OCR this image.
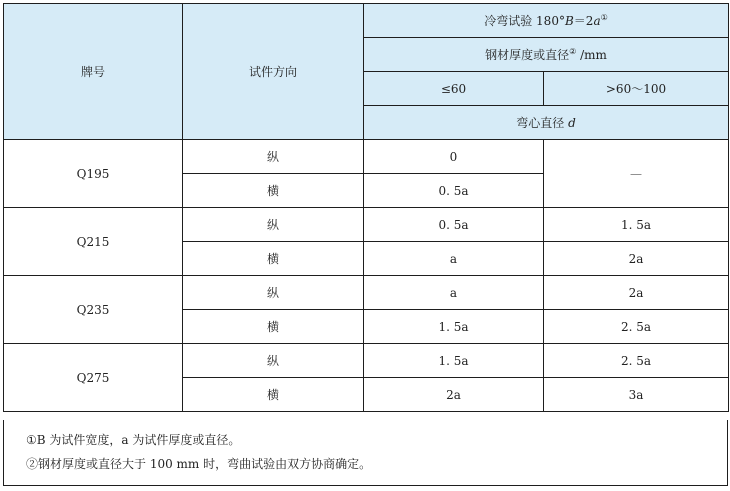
牌号	试件方向	冷弯试验 180°B＝2a①
		钢材厚度或直径② /mm	
		≤60	>60～100
		弯心直径 d	
Q195	纵	0	—
	横	0. 5a	
Q215	纵	0. 5a	1. 5a
	横	a	2a
Q235	纵	a	2a
	横	1. 5a	2. 5a
Q275	纵	1. 5a	2. 5a
	横	2a	3a
①B 为试件宽度，a 为试件厚度或直径。
②钢材厚度或直径大于 100 mm 时，弯曲试验由双方协商确定。
